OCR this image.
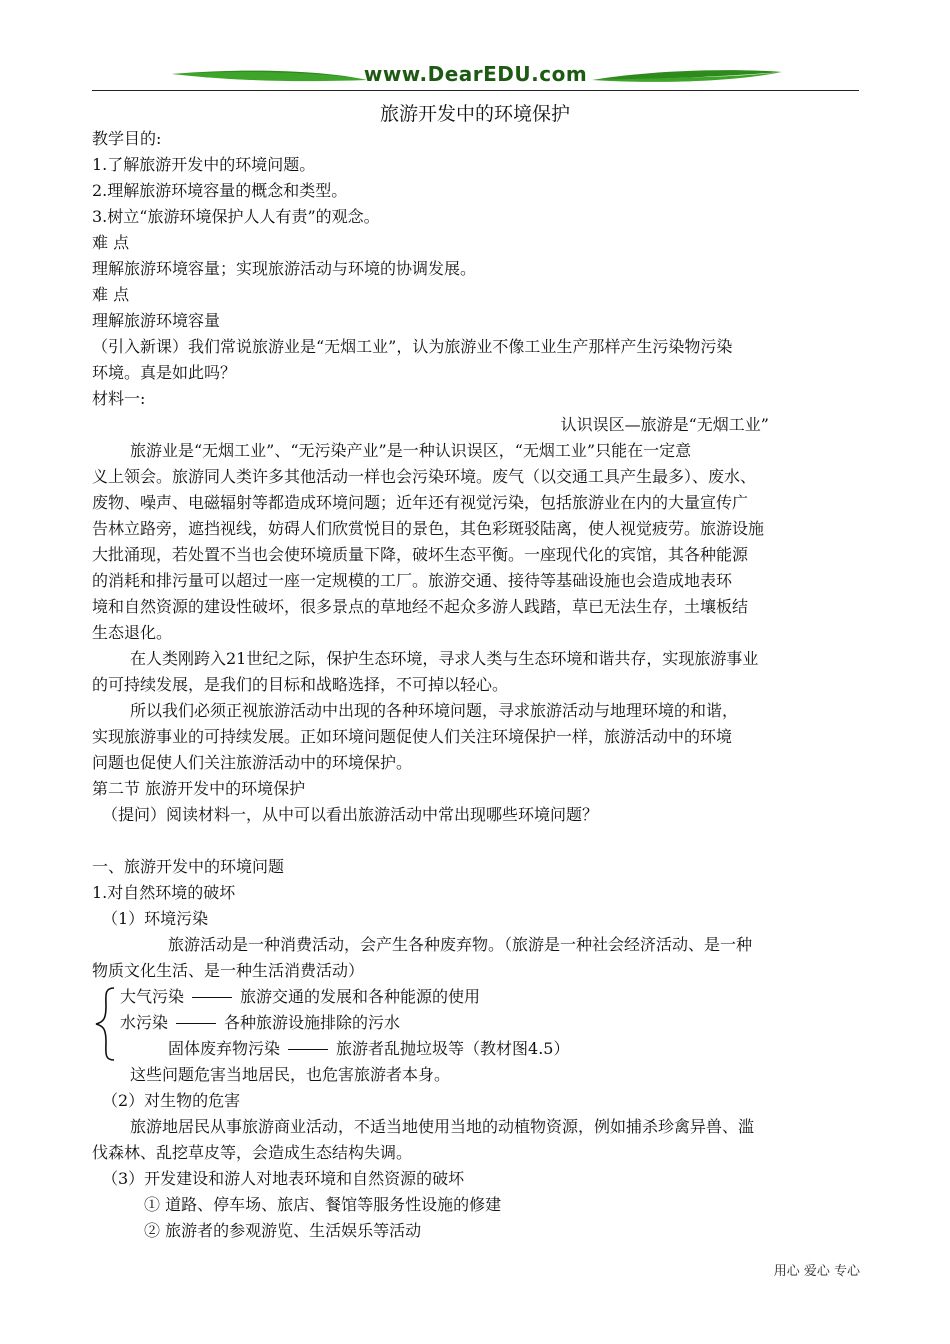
www.DearEDU.com
旅游开发中的环境保护
教学目的:
1.了解旅游开发中的环境问题。
2.理解旅游环境容量的概念和类型。
3.树立“旅游环境保护人人有责”的观念。
难 点
理解旅游环境容量；实现旅游活动与环境的协调发展。
难 点
理解旅游环境容量
（引入新课）我们常说旅游业是“无烟工业”，认为旅游业不像工业生产那样产生污染物污染
环境。真是如此吗？
材料一:
认识误区—旅游是“无烟工业”
旅游业是“无烟工业”、“无污染产业”是一种认识误区，“无烟工业”只能在一定意
义上领会。旅游同人类许多其他活动一样也会污染环境。废气（以交通工具产生最多）、废水、
废物、噪声、电磁辐射等都造成环境问题；近年还有视觉污染，包括旅游业在内的大量宣传广
告林立路旁，遮挡视线，妨碍人们欣赏悦目的景色，其色彩斑驳陆离，使人视觉疲劳。旅游设施
大批涌现，若处置不当也会使环境质量下降，破坏生态平衡。一座现代化的宾馆，其各种能源
的消耗和排污量可以超过一座一定规模的工厂。旅游交通、接待等基础设施也会造成地表环
境和自然资源的建设性破坏，很多景点的草地经不起众多游人践踏，草已无法生存，土壤板结
生态退化。
在人类刚跨入21世纪之际，保护生态环境，寻求人类与生态环境和谐共存，实现旅游事业
的可持续发展，是我们的目标和战略选择，不可掉以轻心。
所以我们必须正视旅游活动中出现的各种环境问题，寻求旅游活动与地理环境的和谐，
实现旅游事业的可持续发展。正如环境问题促使人们关注环境保护一样，旅游活动中的环境
问题也促使人们关注旅游活动中的环境保护。
第二节 旅游开发中的环境保护
（提问）阅读材料一，从中可以看出旅游活动中常出现哪些环境问题？
一、旅游开发中的环境问题
1.对自然环境的破坏
（1）环境污染
旅游活动是一种消费活动，会产生各种废弃物。（旅游是一种社会经济活动、是一种
物质文化生活、是一种生活消费活动）
大气污染	旅游交通的发展和各种能源的使用
水污染	各种旅游设施排除的污水
固体废弃物污染	旅游者乱抛垃圾等（教材图4.5）
这些问题危害当地居民，也危害旅游者本身。
（2）对生物的危害
旅游地居民从事旅游商业活动，不适当地使用当地的动植物资源，例如捕杀珍禽异兽、滥
伐森林、乱挖草皮等，会造成生态结构失调。
（3）开发建设和游人对地表环境和自然资源的破坏
① 道路、停车场、旅店、餐馆等服务性设施的修建
② 旅游者的参观游览、生活娱乐等活动
用心 爱心 专心
